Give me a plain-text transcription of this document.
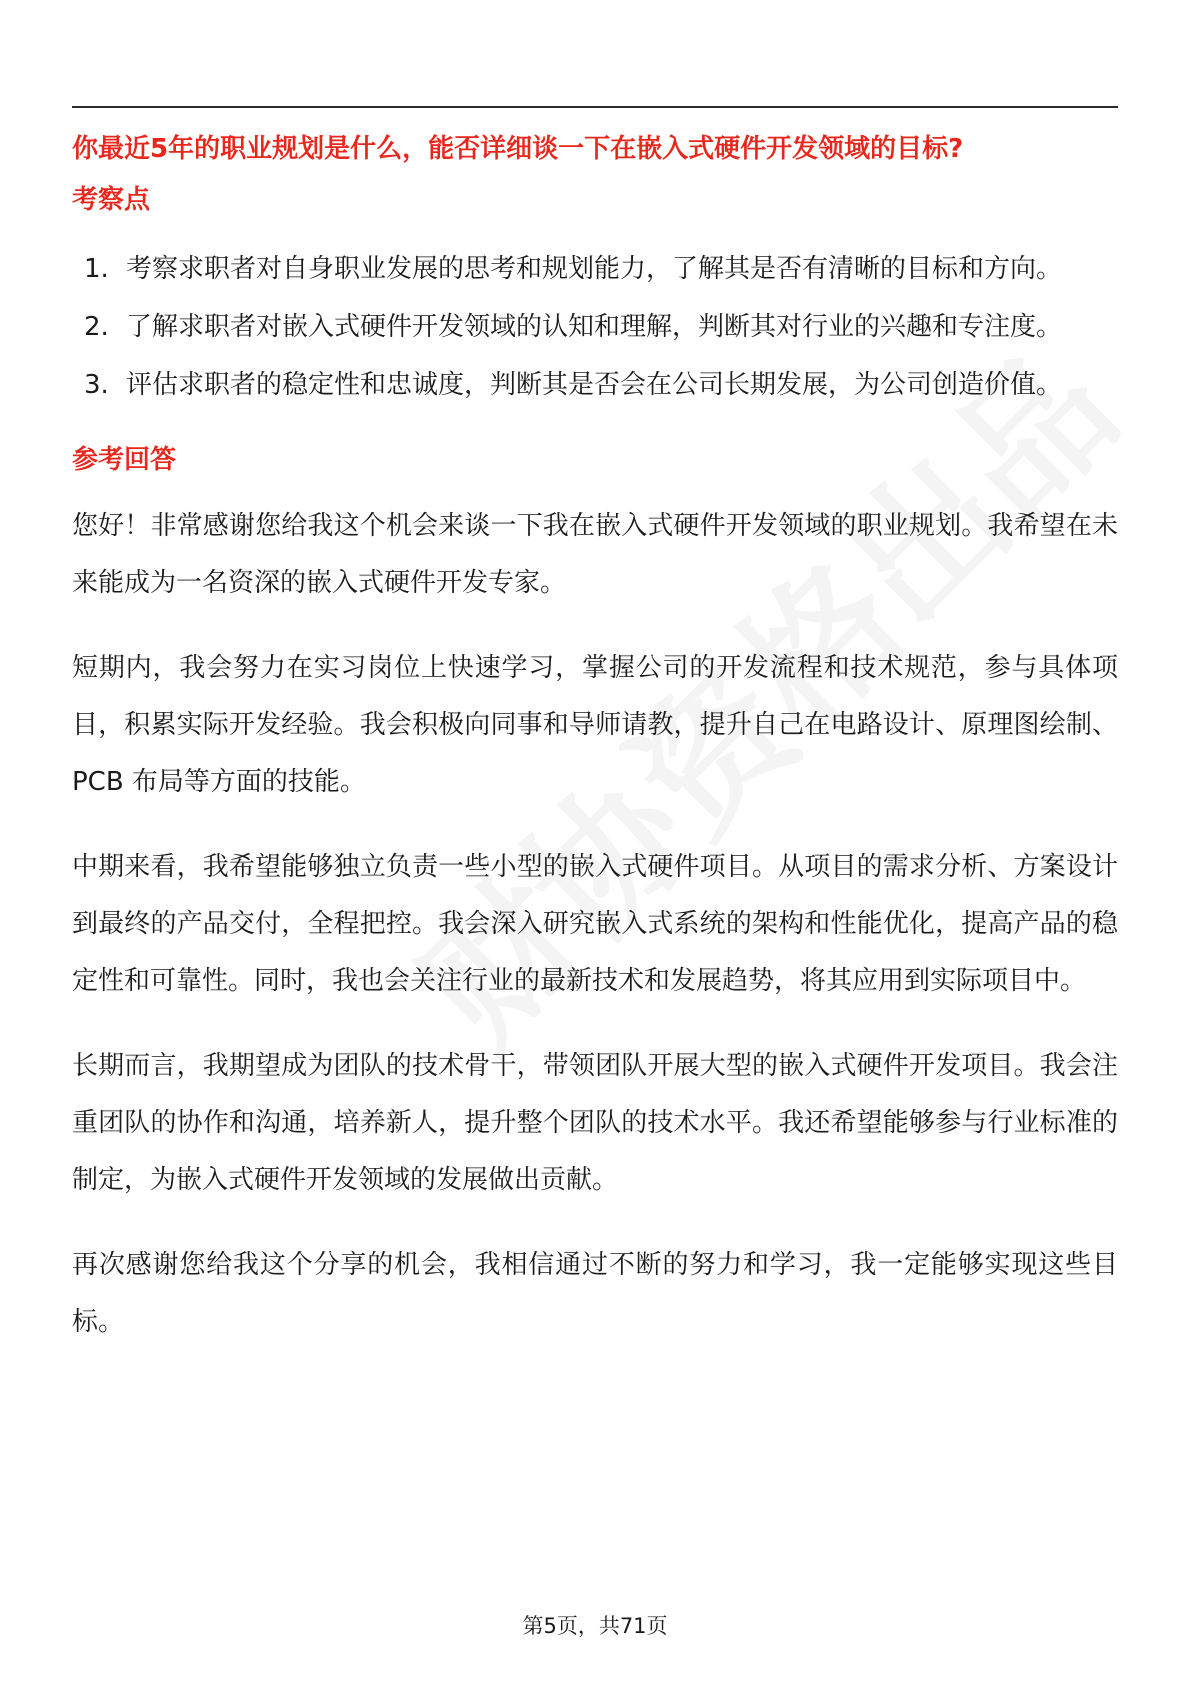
你最近5年的职业规划是什么，能否详细谈一下在嵌入式硬件开发领域的目标?
考察点
1. 考察求职者对自身职业发展的思考和规划能力，了解其是否有清晰的目标和方向。
2. 了解求职者对嵌入式硬件开发领域的认知和理解，判断其对行业的兴趣和专注度。
3. 评估求职者的稳定性和忠诚度，判断其是否会在公司长期发展，为公司创造价值。
参考回答

您好！非常感谢您给我这个机会来谈一下我在嵌入式硬件开发领域的职业规划。我希望在未来能成为一名资深的嵌入式硬件开发专家。

短期内，我会努力在实习岗位上快速学习，掌握公司的开发流程和技术规范，参与具体项目，积累实际开发经验。我会积极向同事和导师请教，提升自己在电路设计、原理图绘制、PCB 布局等方面的技能。

中期来看，我希望能够独立负责一些小型的嵌入式硬件项目。从项目的需求分析、方案设计到最终的产品交付，全程把控。我会深入研究嵌入式系统的架构和性能优化，提高产品的稳定性和可靠性。同时，我也会关注行业的最新技术和发展趋势，将其应用到实际项目中。

长期而言，我期望成为团队的技术骨干，带领团队开展大型的嵌入式硬件开发项目。我会注重团队的协作和沟通，培养新人，提升整个团队的技术水平。我还希望能够参与行业标准的制定，为嵌入式硬件开发领域的发展做出贡献。

再次感谢您给我这个分享的机会，我相信通过不断的努力和学习，我一定能够实现这些目标。

第5页，共71页
